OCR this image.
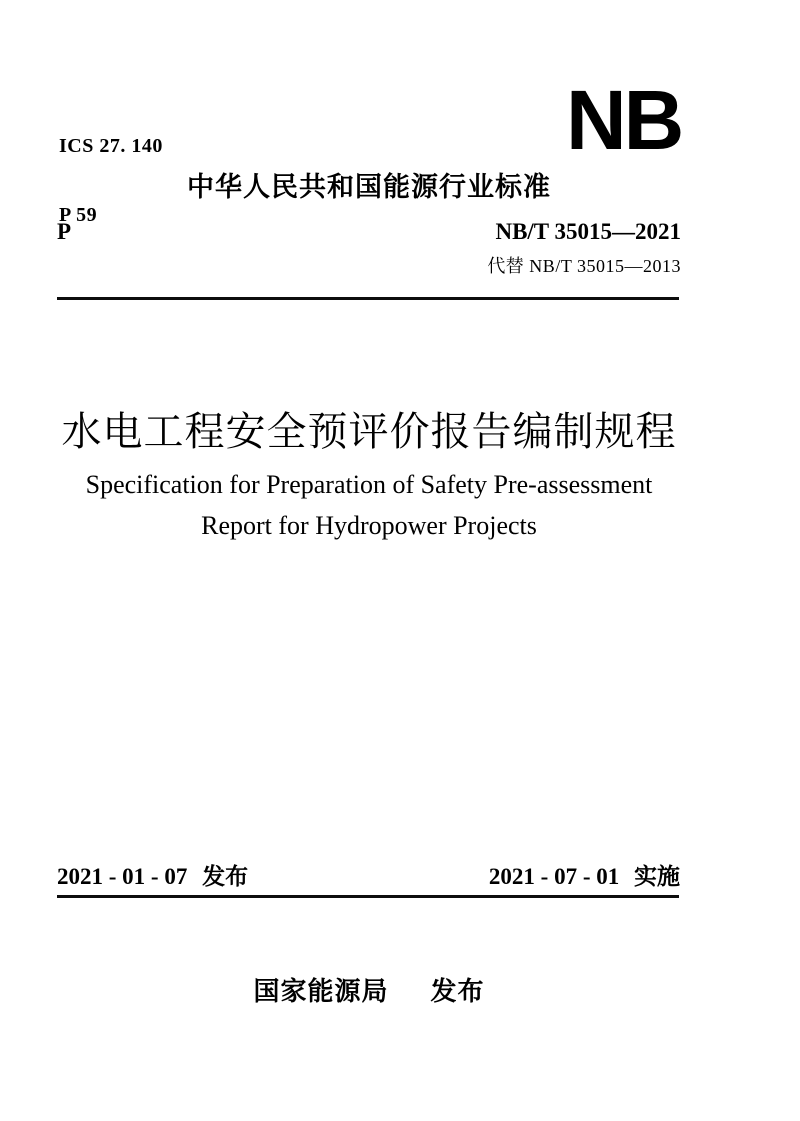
ICS 27. 140

P 59

NB
中华人民共和国能源行业标准
P	NB/T 35015—2021
代替 NB/T 35015—2013
水电工程安全预评价报告编制规程
Specification for Preparation of Safety Pre-assessment
Report for Hydropower Projects
2021 - 01 - 07 发布	2021 - 07 - 01 实施
国家能源局 发布
